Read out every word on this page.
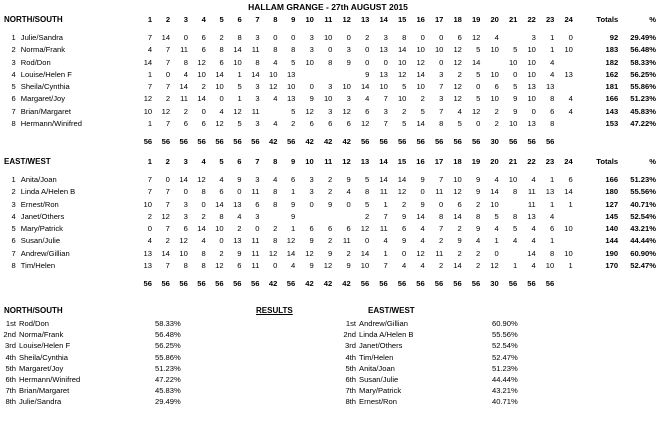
HALLAM GRANGE - 27th AUGUST 2015
NORTH/SOUTH		1	2	3	4	5	6	7	8	9	10	11	12	13	14	15	16	17	18	19	20	21	22	23	24		Totals	%

1	Julie/Sandra	7	14	0	6	2	8	3	0	0	3	10	0	2	3	8	0	0	6	12	4		3	1	0		92	29.49%
2	Norma/Frank	4	7	11	6	8	14	11	8	8	3	0	3	0	13	14	10	10	12	5	10	5	10	1	10		183	56.48%
3	Rod/Don	14	7	8	12	6	10	8	4	5	10	8	9	0	0	10	12	0	12	14		10	10	4			182	58.33%
4	Louise/Helen F	1	0	4	10	14	1	14	10	13				9	13	12	14	3	2	5	10	0	10	4	13		162	56.25%
5	Sheila/Cynthia	7	7	14	2	10	5	3	12	10	0	3	10	14	10	5	10	7	12	0	6	5	13	13			181	55.86%
6	Margaret/Joy	12	2	11	14	0	1	3	4	13	9	10	3	4	7	10	2	3	12	5	10	9	10	8	4		166	51.23%
7	Brian/Margaret	10	12	2	0	4	12	11		5	12	3	12	6	3	2	5	7	4	12	2	9	0	6	4		143	45.83%
8	Hermann/Winifred	1	7	6	6	12	5	3	4	2	6	6	6	12	7	5	14	8	5	0	2	10	13	8			153	47.22%

		56	56	56	56	56	56	56	42	56	42	42	42	56	56	56	56	56	56	56	30	56	56	56				
EAST/WEST		1	2	3	4	5	6	7	8	9	10	11	12	13	14	15	16	17	18	19	20	21	22	23	24		Totals	%

1	Anita/Joan	7	0	14	12	4	9	3	4	6	3	2	9	5	14	14	9	7	10	9	4	10	4	1	6		166	51.23%
2	Linda A/Helen B	7	7	0	8	6	0	11	8	1	3	2	4	8	11	12	0	11	12	9	14	8	11	13	14		180	55.56%
3	Ernest/Ron	10	7	3	0	14	13	6	8	9	0	9	0	5	1	2	9	0	6	2	10		11	1	1		127	40.71%
4	Janet/Others	2	12	3	2	8	4	3		9				2	7	9	14	8	14	8	5	8	13	4			145	52.54%
5	Mary/Patrick	0	7	6	14	10	2	0	2	1	6	6	6	12	11	6	4	7	2	9	4	5	4	6	10		140	43.21%
6	Susan/Julie	4	2	12	4	0	13	11	8	12	9	2	11	0	4	9	4	2	9	4	1	4	4	1			144	44.44%
7	Andrew/Gillian	13	14	10	8	2	9	11	12	14	12	9	2	14	1	0	12	11	2	2	0		14	8	10		190	60.90%
8	Tim/Helen	13	7	8	8	12	6	11	0	4	9	12	9	10	7	4	4	2	14	2	12	1	4	10	1		170	52.47%

		56	56	56	56	56	56	56	42	56	42	42	42	56	56	56	56	56	56	56	30	56	56	56				
NORTH/SOUTH	RESULTS	EAST/WEST
1st Rod/Don	58.33%
2nd Norma/Frank	56.48%
3rd Louise/Helen F	56.25%
4th Sheila/Cynthia	55.86%
5th Margaret/Joy	51.23%
6th Hermann/Winifred	47.22%
7th Brian/Margaret	45.83%
8th Julie/Sandra	29.49%
1st Andrew/Gillian	60.90%
2nd Linda A/Helen B	55.56%
3rd Janet/Others	52.54%
4th Tim/Helen	52.47%
5th Anita/Joan	51.23%
6th Susan/Julie	44.44%
7th Mary/Patrick	43.21%
8th Ernest/Ron	40.71%
